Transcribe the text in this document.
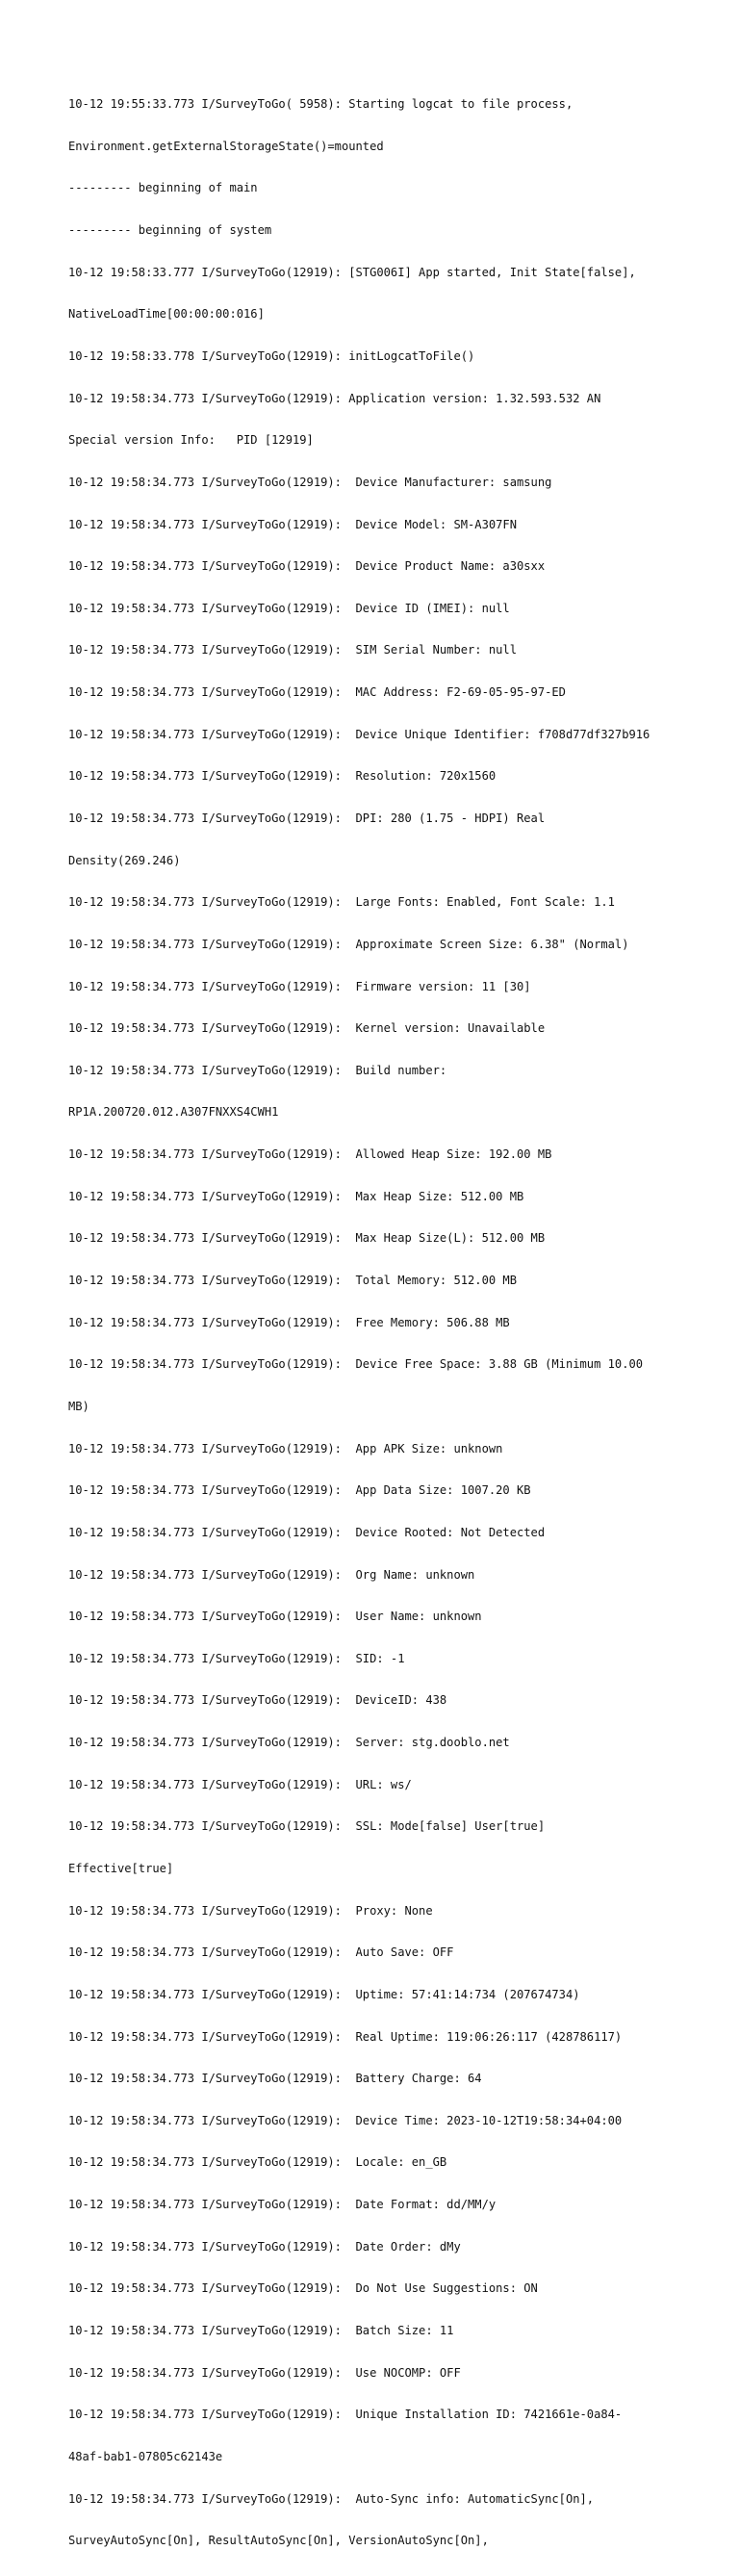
10-12 19:55:33.773 I/SurveyToGo( 5958): Starting logcat to file process,

Environment.getExternalStorageState()=mounted

--------- beginning of main

--------- beginning of system

10-12 19:58:33.777 I/SurveyToGo(12919): [STG006I] App started, Init State[false],

NativeLoadTime[00:00:00:016]

10-12 19:58:33.778 I/SurveyToGo(12919): initLogcatToFile()

10-12 19:58:34.773 I/SurveyToGo(12919): Application version: 1.32.593.532 AN

Special version Info:   PID [12919]

10-12 19:58:34.773 I/SurveyToGo(12919):  Device Manufacturer: samsung

10-12 19:58:34.773 I/SurveyToGo(12919):  Device Model: SM-A307FN

10-12 19:58:34.773 I/SurveyToGo(12919):  Device Product Name: a30sxx

10-12 19:58:34.773 I/SurveyToGo(12919):  Device ID (IMEI): null

10-12 19:58:34.773 I/SurveyToGo(12919):  SIM Serial Number: null

10-12 19:58:34.773 I/SurveyToGo(12919):  MAC Address: F2-69-05-95-97-ED

10-12 19:58:34.773 I/SurveyToGo(12919):  Device Unique Identifier: f708d77df327b916

10-12 19:58:34.773 I/SurveyToGo(12919):  Resolution: 720x1560

10-12 19:58:34.773 I/SurveyToGo(12919):  DPI: 280 (1.75 - HDPI) Real

Density(269.246)

10-12 19:58:34.773 I/SurveyToGo(12919):  Large Fonts: Enabled, Font Scale: 1.1

10-12 19:58:34.773 I/SurveyToGo(12919):  Approximate Screen Size: 6.38" (Normal)

10-12 19:58:34.773 I/SurveyToGo(12919):  Firmware version: 11 [30]

10-12 19:58:34.773 I/SurveyToGo(12919):  Kernel version: Unavailable

10-12 19:58:34.773 I/SurveyToGo(12919):  Build number:

RP1A.200720.012.A307FNXXS4CWH1

10-12 19:58:34.773 I/SurveyToGo(12919):  Allowed Heap Size: 192.00 MB

10-12 19:58:34.773 I/SurveyToGo(12919):  Max Heap Size: 512.00 MB

10-12 19:58:34.773 I/SurveyToGo(12919):  Max Heap Size(L): 512.00 MB

10-12 19:58:34.773 I/SurveyToGo(12919):  Total Memory: 512.00 MB

10-12 19:58:34.773 I/SurveyToGo(12919):  Free Memory: 506.88 MB

10-12 19:58:34.773 I/SurveyToGo(12919):  Device Free Space: 3.88 GB (Minimum 10.00

MB)

10-12 19:58:34.773 I/SurveyToGo(12919):  App APK Size: unknown

10-12 19:58:34.773 I/SurveyToGo(12919):  App Data Size: 1007.20 KB

10-12 19:58:34.773 I/SurveyToGo(12919):  Device Rooted: Not Detected

10-12 19:58:34.773 I/SurveyToGo(12919):  Org Name: unknown

10-12 19:58:34.773 I/SurveyToGo(12919):  User Name: unknown

10-12 19:58:34.773 I/SurveyToGo(12919):  SID: -1

10-12 19:58:34.773 I/SurveyToGo(12919):  DeviceID: 438

10-12 19:58:34.773 I/SurveyToGo(12919):  Server: stg.dooblo.net

10-12 19:58:34.773 I/SurveyToGo(12919):  URL: ws/

10-12 19:58:34.773 I/SurveyToGo(12919):  SSL: Mode[false] User[true]

Effective[true]

10-12 19:58:34.773 I/SurveyToGo(12919):  Proxy: None

10-12 19:58:34.773 I/SurveyToGo(12919):  Auto Save: OFF

10-12 19:58:34.773 I/SurveyToGo(12919):  Uptime: 57:41:14:734 (207674734)

10-12 19:58:34.773 I/SurveyToGo(12919):  Real Uptime: 119:06:26:117 (428786117)

10-12 19:58:34.773 I/SurveyToGo(12919):  Battery Charge: 64

10-12 19:58:34.773 I/SurveyToGo(12919):  Device Time: 2023-10-12T19:58:34+04:00

10-12 19:58:34.773 I/SurveyToGo(12919):  Locale: en_GB

10-12 19:58:34.773 I/SurveyToGo(12919):  Date Format: dd/MM/y

10-12 19:58:34.773 I/SurveyToGo(12919):  Date Order: dMy

10-12 19:58:34.773 I/SurveyToGo(12919):  Do Not Use Suggestions: ON

10-12 19:58:34.773 I/SurveyToGo(12919):  Batch Size: 11

10-12 19:58:34.773 I/SurveyToGo(12919):  Use NOCOMP: OFF

10-12 19:58:34.773 I/SurveyToGo(12919):  Unique Installation ID: 7421661e-0a84-

48af-bab1-07805c62143e

10-12 19:58:34.773 I/SurveyToGo(12919):  Auto-Sync info: AutomaticSync[On],

SurveyAutoSync[On], ResultAutoSync[On], VersionAutoSync[On],
